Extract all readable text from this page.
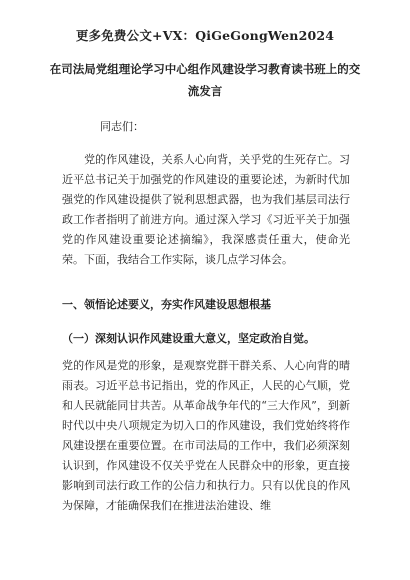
更多免费公文+VX：QiGeGongWen2024
在司法局党组理论学习中心组作风建设学习教育读书班上的交流发言
同志们：
党的作风建设，关系人心向背，关乎党的生死存亡。习近平总书记关于加强党的作风建设的重要论述，为新时代加强党的作风建设提供了锐利思想武器，也为我们基层司法行政工作者指明了前进方向。通过深入学习《习近平关于加强党的作风建设重要论述摘编》，我深感责任重大，使命光荣。下面，我结合工作实际，谈几点学习体会。
一、领悟论述要义，夯实作风建设思想根基
（一）深刻认识作风建设重大意义，坚定政治自觉。
党的作风是党的形象，是观察党群干群关系、人心向背的晴雨表。习近平总书记指出，党的作风正，人民的心气顺，党和人民就能同甘共苦。从革命战争年代的“三大作风”，到新时代以中央八项规定为切入口的作风建设，我们党始终将作风建设摆在重要位置。在市司法局的工作中，我们必须深刻认识到，作风建设不仅关乎党在人民群众中的形象，更直接影响到司法行政工作的公信力和执行力。只有以优良的作风为保障，才能确保我们在推进法治建设、维
